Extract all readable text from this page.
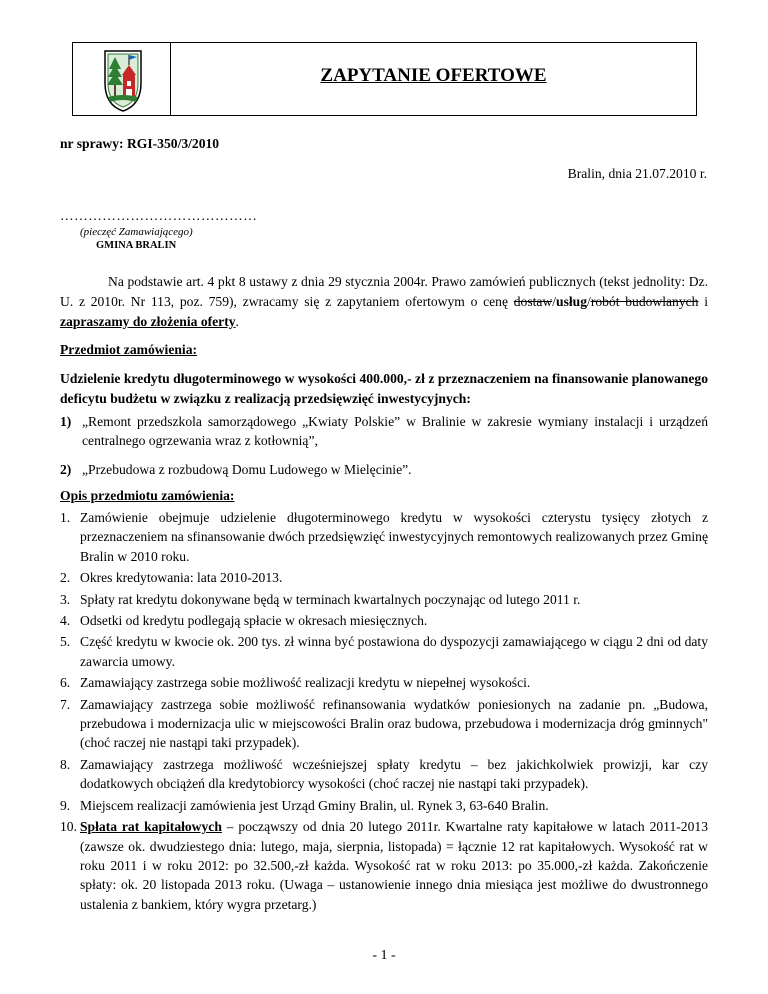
ZAPYTANIE OFERTOWE
nr sprawy: RGI-350/3/2010
Bralin, dnia 21.07.2010 r.
……………………………………
(pieczęć Zamawiającego)
GMINA BRALIN
Na podstawie art. 4 pkt 8 ustawy z dnia 29 stycznia 2004r. Prawo zamówień publicznych (tekst jednolity: Dz. U. z 2010r. Nr 113, poz. 759), zwracamy się z zapytaniem ofertowym o cenę dostaw/usług/robót budowlanych i zapraszamy do złożenia oferty.
Przedmiot zamówienia:
Udzielenie kredytu długoterminowego w wysokości 400.000,- zł z przeznaczeniem na finansowanie planowanego deficytu budżetu w związku z realizacją przedsięwzięć inwestycyjnych:
1) „Remont przedszkola samorządowego „Kwiaty Polskie” w Bralinie w zakresie wymiany instalacji i urządzeń centralnego ogrzewania wraz z kotłownią”,
2) „Przebudowa z rozbudową Domu Ludowego w Mielęcinie”.
Opis przedmiotu zamówienia:
1. Zamówienie obejmuje udzielenie długoterminowego kredytu w wysokości czterystu tysięcy złotych z przeznaczeniem na sfinansowanie dwóch przedsięwzięć inwestycyjnych remontowych realizowanych przez Gminę Bralin w 2010 roku.
2. Okres kredytowania: lata 2010-2013.
3. Spłaty rat kredytu dokonywane będą w terminach kwartalnych poczynając od lutego 2011 r.
4. Odsetki od kredytu podlegają spłacie w okresach miesięcznych.
5. Część kredytu w kwocie ok. 200 tys. zł winna być postawiona do dyspozycji zamawiającego w ciągu 2 dni od daty zawarcia umowy.
6. Zamawiający zastrzega sobie możliwość realizacji kredytu w niepełnej wysokości.
7. Zamawiający zastrzega sobie możliwość refinansowania wydatków poniesionych na zadanie pn. „Budowa, przebudowa i modernizacja ulic w miejscowości Bralin oraz budowa, przebudowa i modernizacja dróg gminnych" (choć raczej nie nastąpi taki przypadek).
8. Zamawiający zastrzega możliwość wcześniejszej spłaty kredytu – bez jakichkolwiek prowizji, kar czy dodatkowych obciążeń dla kredytobiorcy wysokości (choć raczej nie nastąpi taki przypadek).
9. Miejscem realizacji zamówienia jest Urząd Gminy Bralin, ul. Rynek 3, 63-640 Bralin.
10. Spłata rat kapitałowych – począwszy od dnia 20 lutego 2011r. Kwartalne raty kapitałowe w latach 2011-2013 (zawsze ok. dwudziestego dnia: lutego, maja, sierpnia, listopada) = łącznie 12 rat kapitałowych. Wysokość rat w roku 2011 i w roku 2012: po 32.500,-zł każda. Wysokość rat w roku 2013: po 35.000,-zł każda. Zakończenie spłaty: ok. 20 listopada 2013 roku. (Uwaga – ustanowienie innego dnia miesiąca jest możliwe do dwustronnego ustalenia z bankiem, który wygra przetarg.)
- 1 -
